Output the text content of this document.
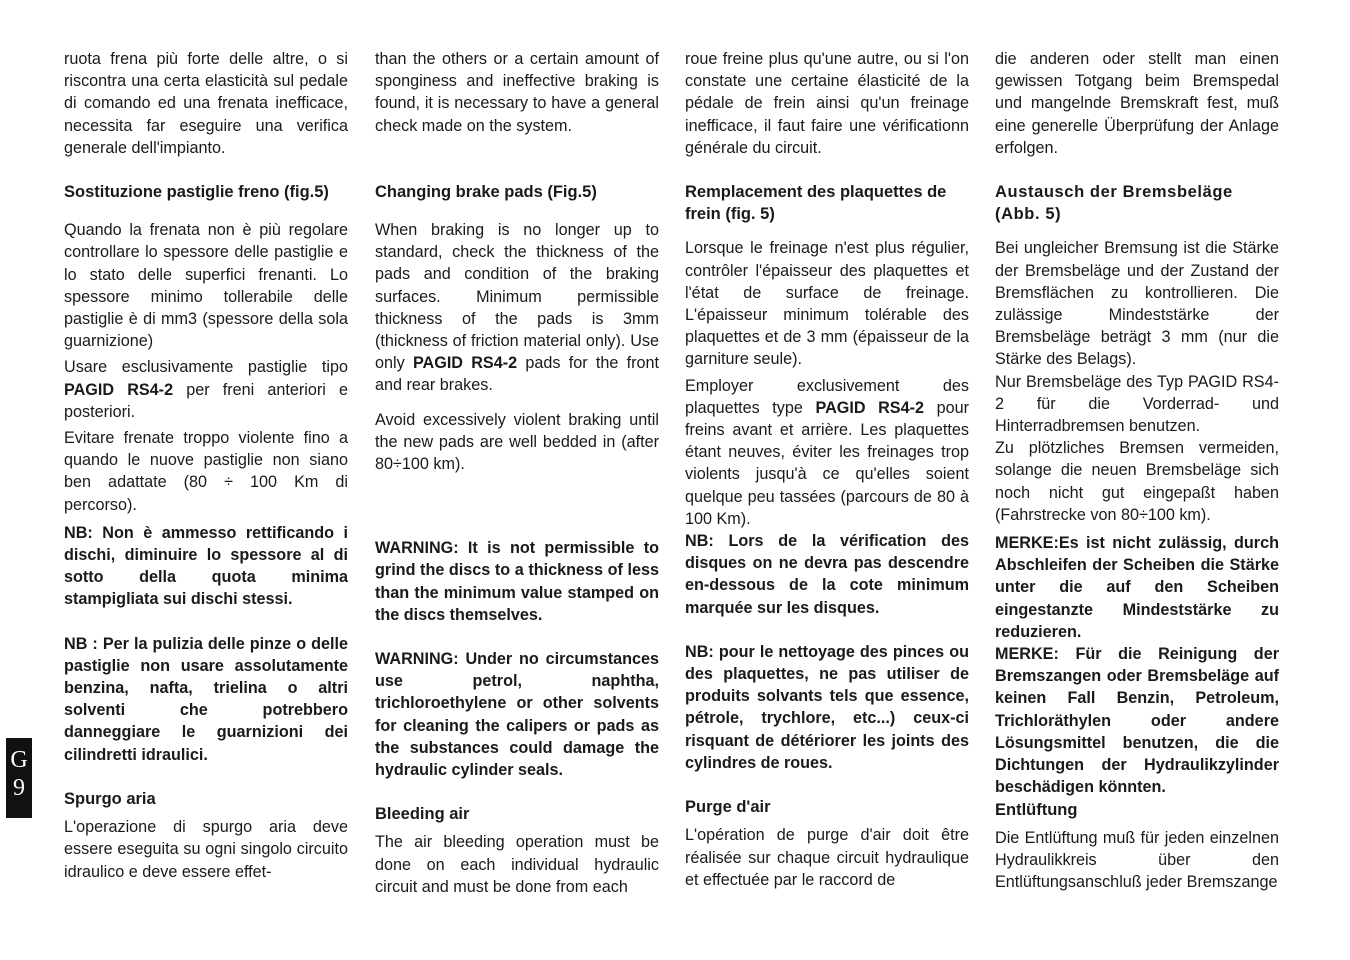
ruota frena più forte delle altre, o si riscontra una certa elasticità sul pedale di comando ed una frenata inefficace, necessita far eseguire una verifica generale dell'impianto.

Sostituzione pastiglie freno (fig.5)

Quando la frenata non è più regolare controllare lo spessore delle pastiglie e lo stato delle superfici frenanti. Lo spessore minimo tollerabile delle pastiglie è di mm3 (spessore della sola guarnizione)

Usare esclusivamente pastiglie tipo PAGID RS4-2 per freni anteriori e posteriori.

Evitare frenate troppo violente fino a quando le nuove pastiglie non siano ben adattate (80 ÷ 100 Km di percorso).

NB: Non è ammesso rettificando i dischi, diminuire lo spessore al di sotto della quota minima stampigliata sui dischi stessi.

NB : Per la pulizia delle pinze o delle pastiglie non usare assolutamente benzina, nafta, trielina o altri solventi che potrebbero danneggiare le guarnizioni dei cilindretti idraulici.

Spurgo aria

L'operazione di spurgo aria deve essere eseguita su ogni singolo circuito idraulico e deve essere effet-

than the others or a certain amount of sponginess and ineffective braking is found, it is necessary to have a general check made on the system.

Changing brake pads (Fig.5)

When braking is no longer up to standard, check the thickness of the pads and condition of the braking surfaces. Minimum permissible thickness of the pads is 3mm (thickness of friction material only). Use only PAGID RS4-2 pads for the front and rear brakes.

Avoid excessively violent braking until the new pads are well bedded in (after 80÷100 km).

WARNING: It is not permissible to grind the discs to a thickness of less than the minimum value stamped on the discs themselves.

WARNING: Under no circumstances use petrol, naphtha, trichloroethylene or other solvents for cleaning the calipers or pads as the substances could damage the hydraulic cylinder seals.

Bleeding air

The air bleeding operation must be done on each individual hydraulic circuit and must be done from each

roue freine plus qu'une autre, ou si l'on constate une certaine élasticité de la pédale de frein ainsi qu'un freinage inefficace, il faut faire une vérificationn générale du circuit.

Remplacement des plaquettes de frein (fig. 5)

Lorsque le freinage n'est plus régulier, contrôler l'épaisseur des plaquettes et l'état de surface de freinage. L'épaisseur minimum tolérable des plaquettes et de 3 mm (épaisseur de la garniture seule).

Employer exclusivement des plaquettes type PAGID RS4-2 pour freins avant et arrière. Les plaquettes étant neuves, éviter les freinages trop violents jusqu'à ce qu'elles soient quelque peu tassées (parcours de 80 à 100 Km).

NB: Lors de la vérification des disques on ne devra pas descendre en-dessous de la cote minimum marquée sur les disques.

NB: pour le nettoyage des pinces ou des plaquettes, ne pas utiliser de produits solvants tels que essence, pétrole, trychlore, etc...) ceux-ci risquant de détériorer les joints des cylindres de roues.

Purge d'air

L'opération de purge d'air doit être réalisée sur chaque circuit hydraulique et effectuée par le raccord de

die anderen oder stellt man einen gewissen Totgang beim Bremspedal und mangelnde Bremskraft fest, muß eine generelle Überprüfung der Anlage erfolgen.

Austausch der Bremsbeläge (Abb. 5)

Bei ungleicher Bremsung ist die Stärke der Bremsbeläge und der Zustand der Bremsflächen zu kontrollieren. Die zulässige Mindeststärke der Bremsbeläge beträgt 3 mm (nur die Stärke des Belags).

Nur Bremsbeläge des Typ PAGID RS4-2 für die Vorderrad- und Hinterradbremsen benutzen.

Zu plötzliches Bremsen vermeiden, solange die neuen Bremsbeläge sich noch nicht gut eingepaßt haben (Fahrstrecke von 80÷100 km).

MERKE:Es ist nicht zulässig, durch Abschleifen der Scheiben die Stärke unter die auf den Scheiben eingestanzte Mindeststärke zu reduzieren.

MERKE: Für die Reinigung der Bremszangen oder Bremsbeläge auf keinen Fall Benzin, Petroleum, Trichloräthylen oder andere Lösungsmittel benutzen, die die Dichtungen der Hydraulikzylinder beschädigen könnten.

Entlüftung

Die Entlüftung muß für jeden einzelnen Hydraulikkreis über den Entlüftungsanschluß jeder Bremszange

G
9
